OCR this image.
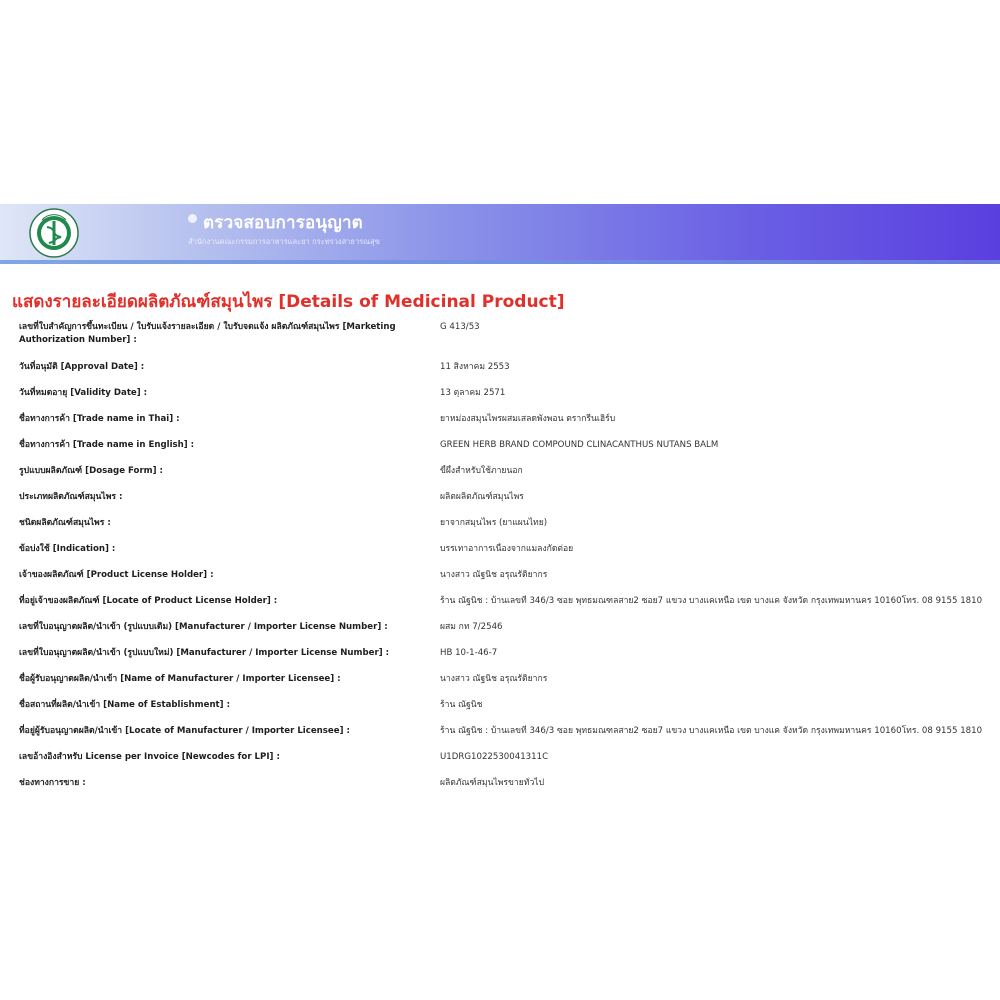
ตรวจสอบการอนุญาต
สำนักงานคณะกรรมการอาหารและยา กระทรวงสาธารณสุข
แสดงรายละเอียดผลิตภัณฑ์สมุนไพร [Details of Medicinal Product]
เลขที่ใบสำคัญการขึ้นทะเบียน / ใบรับแจ้งรายละเอียด / ใบรับจดแจ้ง ผลิตภัณฑ์สมุนไพร [Marketing Authorization Number] :
G 413/53
วันที่อนุมัติ [Approval Date] :	11 สิงหาคม 2553
วันที่หมดอายุ [Validity Date] :	13 ตุลาคม 2571
ชื่อทางการค้า [Trade name in Thai] :	ยาหม่องสมุนไพรผสมเสลดพังพอน ตรากรีนเฮิร์บ
ชื่อทางการค้า [Trade name in English] :	GREEN HERB BRAND COMPOUND CLINACANTHUS NUTANS BALM
รูปแบบผลิตภัณฑ์ [Dosage Form] :	ขี้ผึ้งสำหรับใช้ภายนอก
ประเภทผลิตภัณฑ์สมุนไพร :	ผลิตผลิตภัณฑ์สมุนไพร
ชนิดผลิตภัณฑ์สมุนไพร :	ยาจากสมุนไพร (ยาแผนไทย)
ข้อบ่งใช้ [Indication] :	บรรเทาอาการเนื่องจากแมลงกัดต่อย
เจ้าของผลิตภัณฑ์ [Product License Holder] :	นางสาว ณัฐนิช อรุณรัติยากร
ที่อยู่เจ้าของผลิตภัณฑ์ [Locate of Product License Holder] :	ร้าน ณัฐนิช : บ้านเลขที่ 346/3 ซอย พุทธมณฑลสาย2 ซอย7 แขวง บางแคเหนือ เขต บางแค จังหวัด กรุงเทพมหานคร 10160โทร. 08 9155 1810
เลขที่ใบอนุญาตผลิต/นำเข้า (รูปแบบเดิม) [Manufacturer / Importer License Number] :	ผสม กท 7/2546
เลขที่ใบอนุญาตผลิต/นำเข้า (รูปแบบใหม่) [Manufacturer / Importer License Number] :	HB 10-1-46-7
ชื่อผู้รับอนุญาตผลิต/นำเข้า [Name of Manufacturer / Importer Licensee] :	นางสาว ณัฐนิช อรุณรัติยากร
ชื่อสถานที่ผลิต/นำเข้า [Name of Establishment] :	ร้าน ณัฐนิช
ที่อยู่ผู้รับอนุญาตผลิต/นำเข้า [Locate of Manufacturer / Importer Licensee] :	ร้าน ณัฐนิช : บ้านเลขที่ 346/3 ซอย พุทธมณฑลสาย2 ซอย7 แขวง บางแคเหนือ เขต บางแค จังหวัด กรุงเทพมหานคร 10160โทร. 08 9155 1810
เลขอ้างอิงสำหรับ License per Invoice [Newcodes for LPI] :	U1DRG1022530041311C
ช่องทางการขาย :	ผลิตภัณฑ์สมุนไพรขายทั่วไป
